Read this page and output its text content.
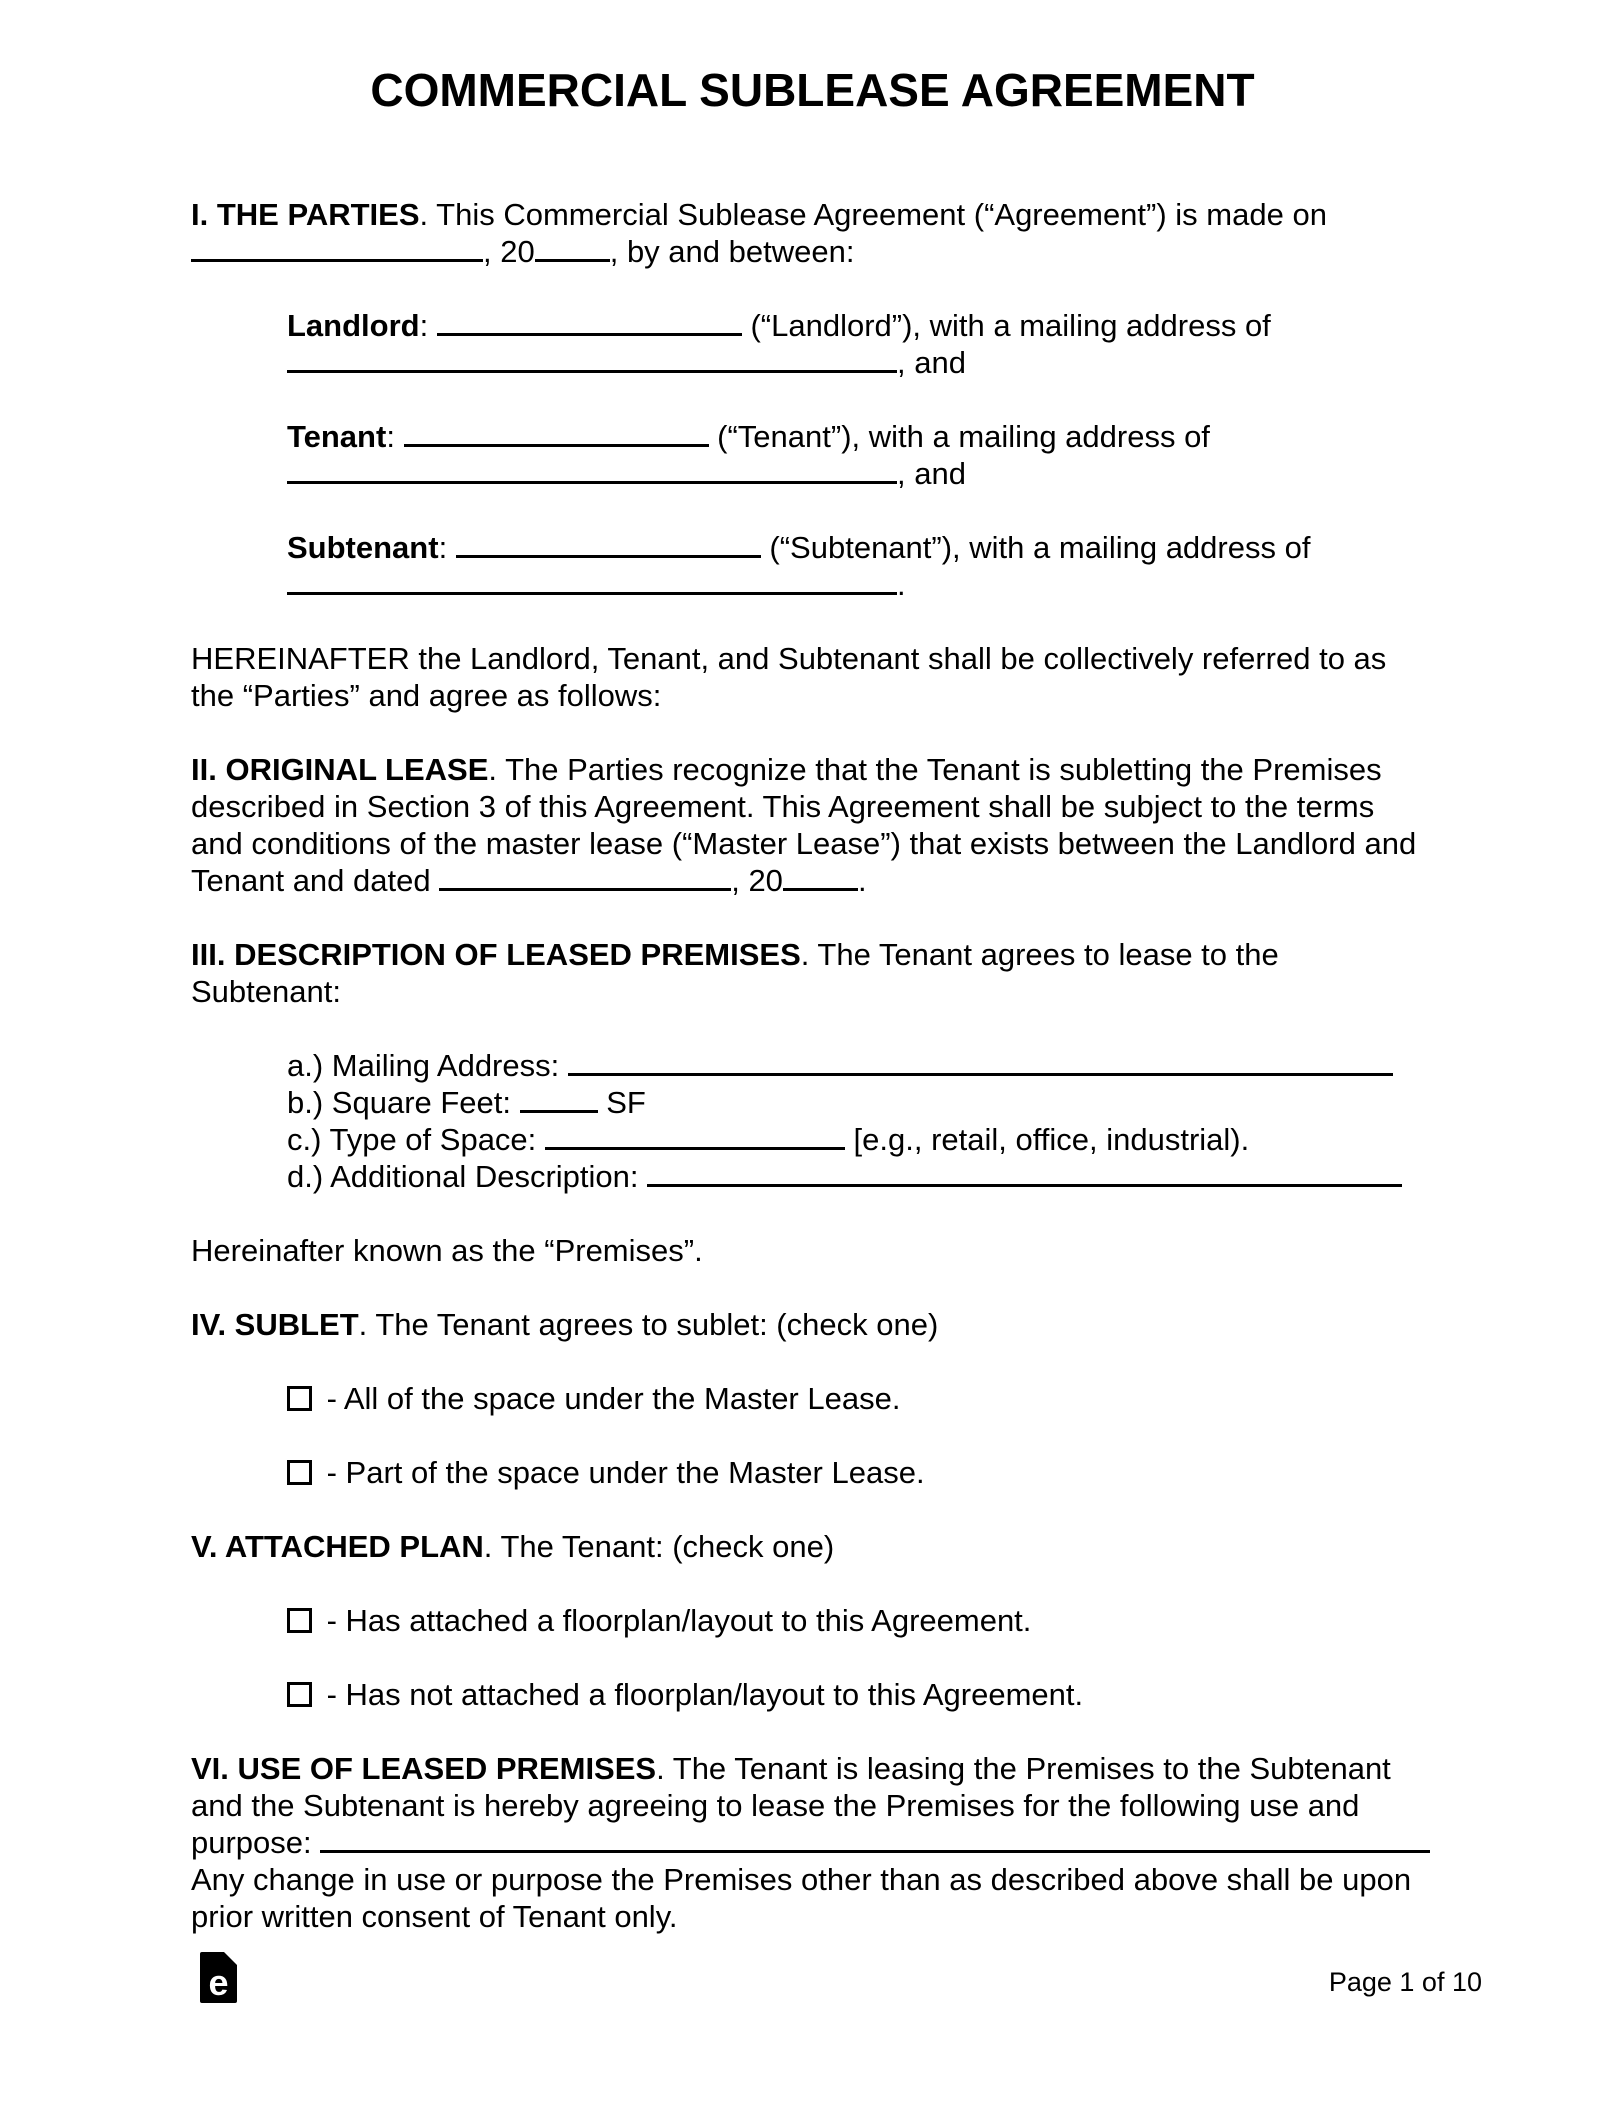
COMMERCIAL SUBLEASE AGREEMENT

I. THE PARTIES. This Commercial Sublease Agreement (“Agreement”) is made on , 20 , by and between:

Landlord:	(“Landlord”), with a mailing address of , and

Tenant:	(“Tenant”), with a mailing address of , and

Subtenant:	(“Subtenant”), with a mailing address of .

HEREINAFTER the Landlord, Tenant, and Subtenant shall be collectively referred to as the “Parties” and agree as follows:

II. ORIGINAL LEASE. The Parties recognize that the Tenant is subletting the Premises described in Section 3 of this Agreement. This Agreement shall be subject to the terms and conditions of the master lease (“Master Lease”) that exists between the Landlord and Tenant and dated	, 20 .

III. DESCRIPTION OF LEASED PREMISES. The Tenant agrees to lease to the Subtenant:

a.) Mailing Address:
b.) Square Feet:	SF
c.) Type of Space:	[e.g., retail, office, industrial).
d.) Additional Description:

Hereinafter known as the “Premises”.

IV. SUBLET. The Tenant agrees to sublet: (check one)

- All of the space under the Master Lease.

- Part of the space under the Master Lease.

V. ATTACHED PLAN. The Tenant: (check one)

- Has attached a floorplan/layout to this Agreement.

- Has not attached a floorplan/layout to this Agreement.

VI. USE OF LEASED PREMISES. The Tenant is leasing the Premises to the Subtenant and the Subtenant is hereby agreeing to lease the Premises for the following use and purpose: Any change in use or purpose the Premises other than as described above shall be upon prior written consent of Tenant only.

e	Page 1 of 10
